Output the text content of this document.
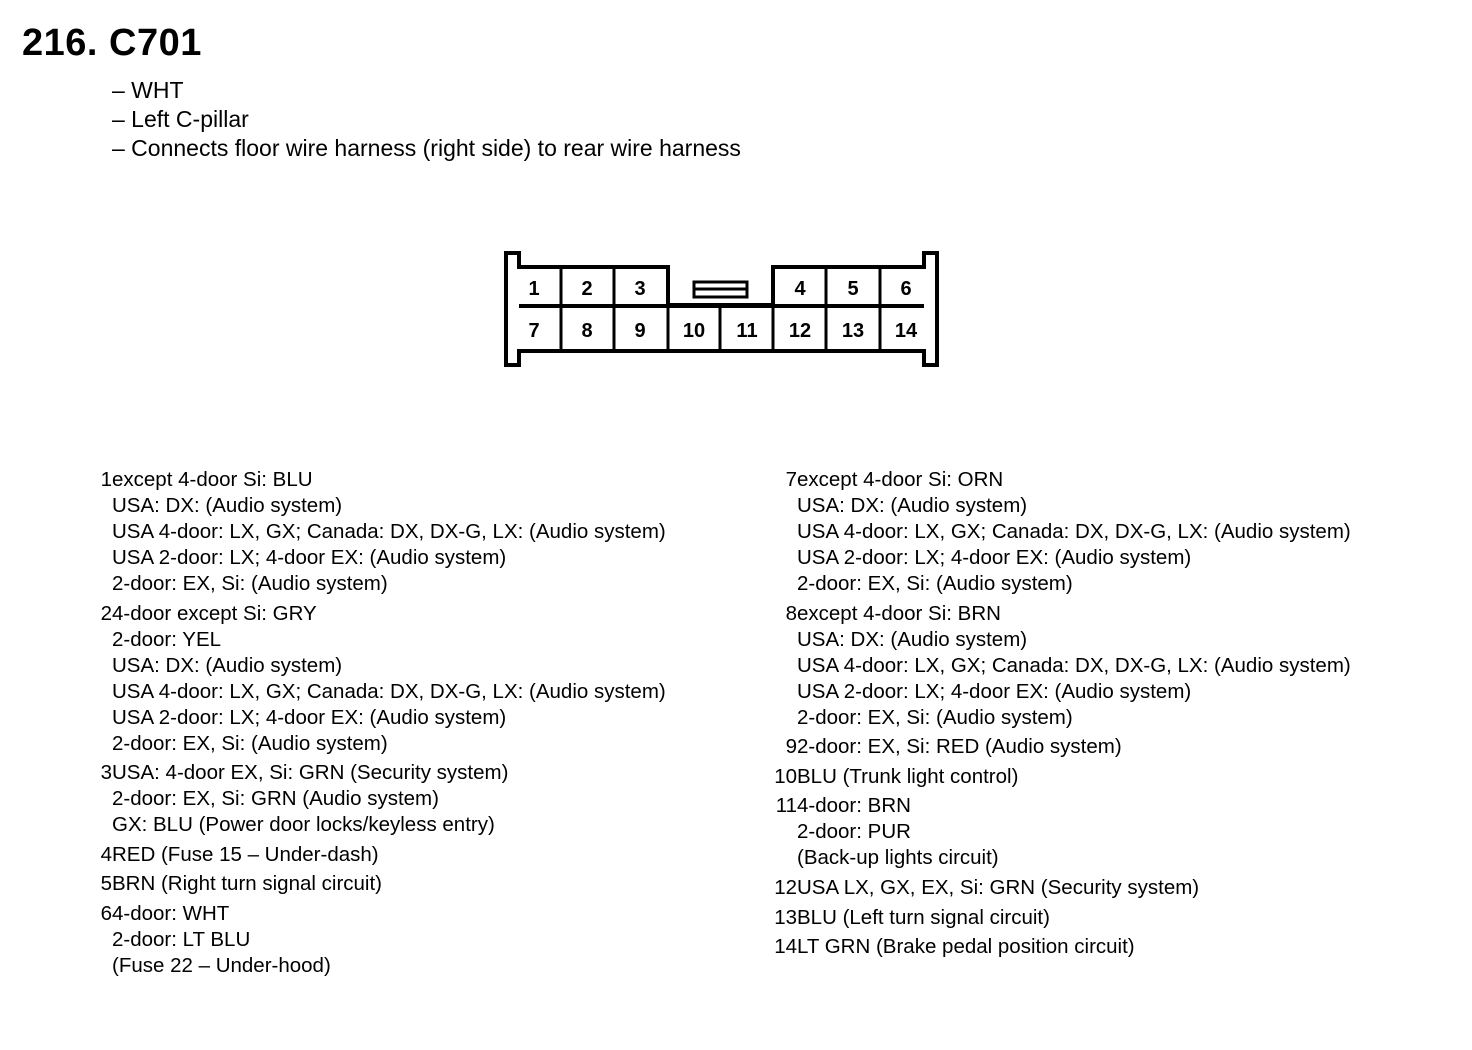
216. C701
– WHT
– Left C-pillar
– Connects floor wire harness (right side) to rear wire harness
1 2 3	4 5 6
7 8 9 10 11 12 13 14
1 except 4-door Si: BLU
USA: DX: (Audio system)
USA 4-door: LX, GX; Canada: DX, DX-G, LX: (Audio system)
USA 2-door: LX; 4-door EX: (Audio system)
2-door: EX, Si: (Audio system)
2 4-door except Si: GRY
2-door: YEL
USA: DX: (Audio system)
USA 4-door: LX, GX; Canada: DX, DX-G, LX: (Audio system)
USA 2-door: LX; 4-door EX: (Audio system)
2-door: EX, Si: (Audio system)
3 USA: 4-door EX, Si: GRN (Security system)
2-door: EX, Si: GRN (Audio system)
GX: BLU (Power door locks/keyless entry)
4 RED (Fuse 15 – Under-dash)
5 BRN (Right turn signal circuit)
6 4-door: WHT
2-door: LT BLU
(Fuse 22 – Under-hood)
7 except 4-door Si: ORN
USA: DX: (Audio system)
USA 4-door: LX, GX; Canada: DX, DX-G, LX: (Audio system)
USA 2-door: LX; 4-door EX: (Audio system)
2-door: EX, Si: (Audio system)
8 except 4-door Si: BRN
USA: DX: (Audio system)
USA 4-door: LX, GX; Canada: DX, DX-G, LX: (Audio system)
USA 2-door: LX; 4-door EX: (Audio system)
2-door: EX, Si: (Audio system)
9 2-door: EX, Si: RED (Audio system)
10 BLU (Trunk light control)
11 4-door: BRN
2-door: PUR
(Back-up lights circuit)
12 USA LX, GX, EX, Si: GRN (Security system)
13 BLU (Left turn signal circuit)
14 LT GRN (Brake pedal position circuit)
